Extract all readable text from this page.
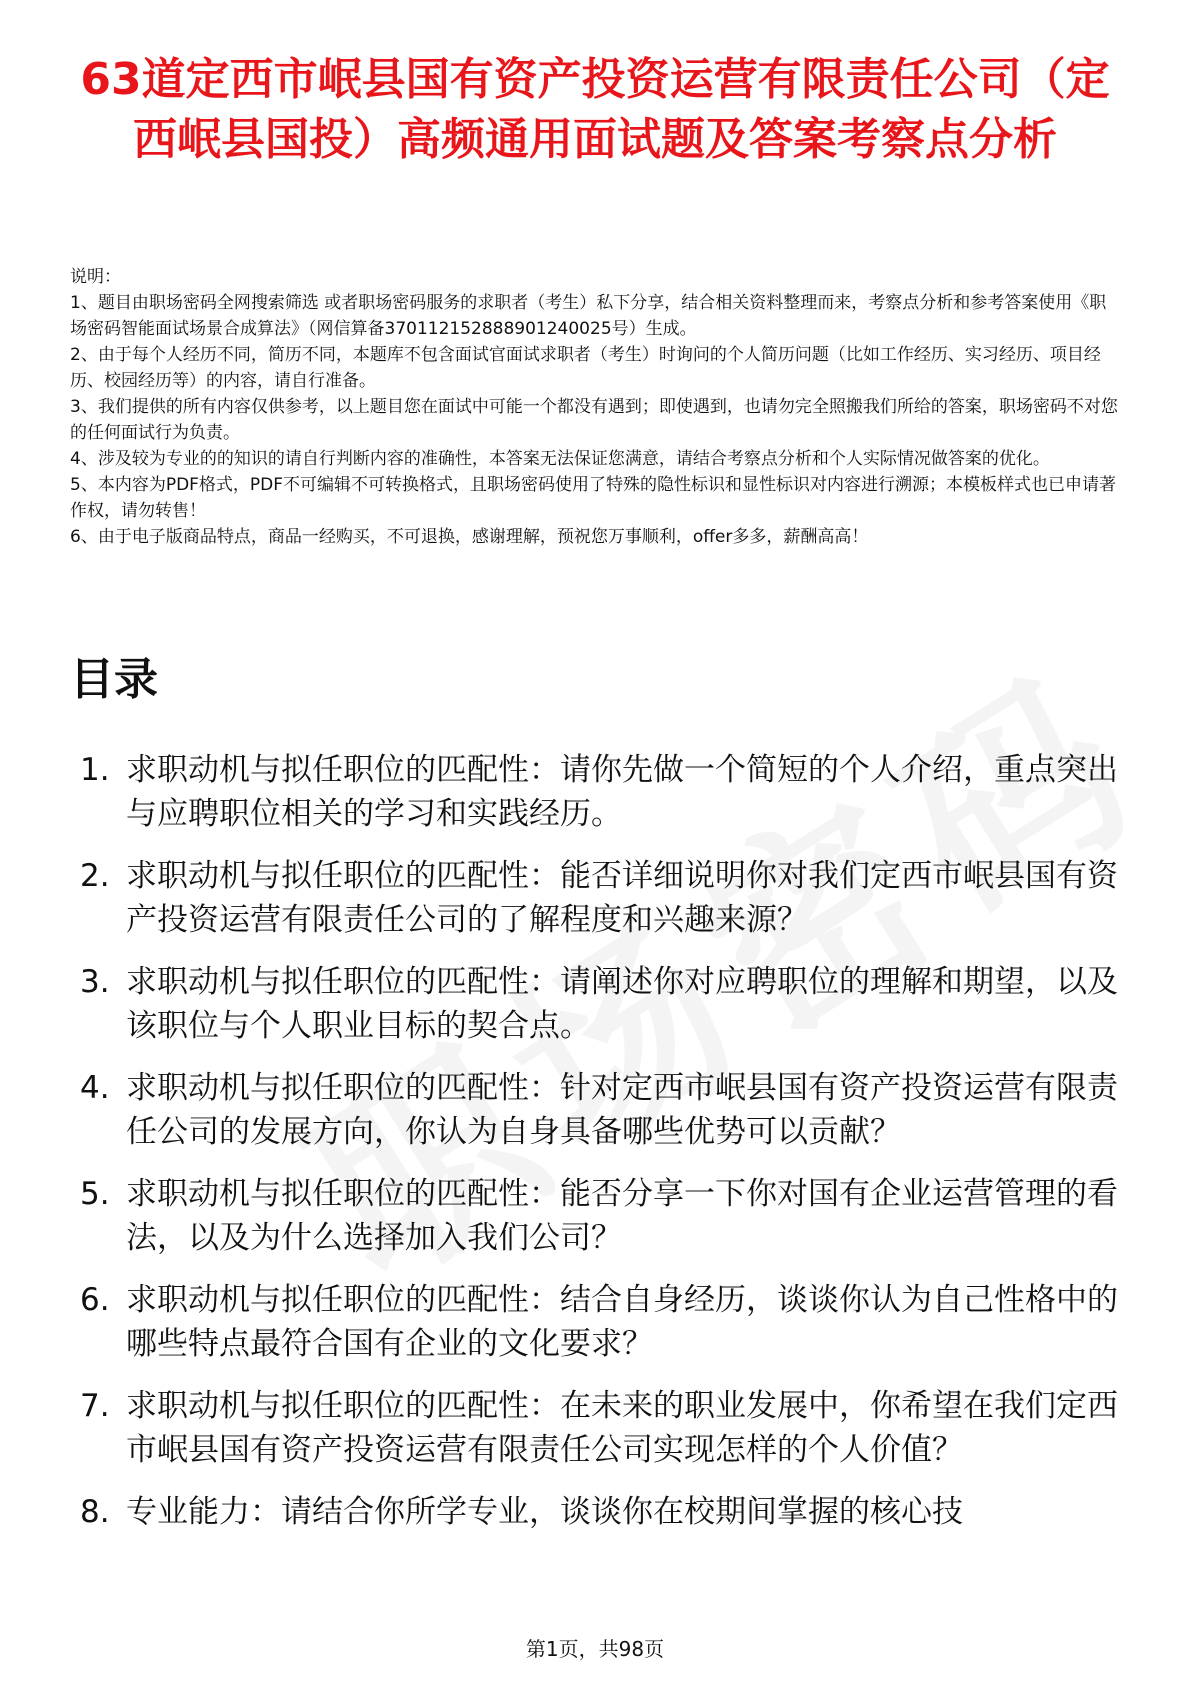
63道定西市岷县国有资产投资运营有限责任公司（定西岷县国投）高频通用面试题及答案考察点分析

说明：

1、题目由职场密码全网搜索筛选 或者职场密码服务的求职者（考生）私下分享，结合相关资料整理而来，考察点分析和参考答案使用《职场密码智能面试场景合成算法》（网信算备370112152888901240025号）生成。

2、由于每个人经历不同，简历不同，本题库不包含面试官面试求职者（考生）时询问的个人简历问题（比如工作经历、实习经历、项目经历、校园经历等）的内容，请自行准备。

3、我们提供的所有内容仅供参考，以上题目您在面试中可能一个都没有遇到；即使遇到，也请勿完全照搬我们所给的答案，职场密码不对您的任何面试行为负责。

4、涉及较为专业的的知识的请自行判断内容的准确性，本答案无法保证您满意，请结合考察点分析和个人实际情况做答案的优化。

5、本内容为PDF格式，PDF不可编辑不可转换格式，且职场密码使用了特殊的隐性标识和显性标识对内容进行溯源；本模板样式也已申请著作权，请勿转售！

6、由于电子版商品特点，商品一经购买，不可退换，感谢理解，预祝您万事顺利，offer多多，薪酬高高！

目录
1. 求职动机与拟任职位的匹配性：请你先做一个简短的个人介绍，重点突出与应聘职位相关的学习和实践经历。
2. 求职动机与拟任职位的匹配性：能否详细说明你对我们定西市岷县国有资产投资运营有限责任公司的了解程度和兴趣来源？
3. 求职动机与拟任职位的匹配性：请阐述你对应聘职位的理解和期望，以及该职位与个人职业目标的契合点。
4. 求职动机与拟任职位的匹配性：针对定西市岷县国有资产投资运营有限责任公司的发展方向，你认为自身具备哪些优势可以贡献？
5. 求职动机与拟任职位的匹配性：能否分享一下你对国有企业运营管理的看法，以及为什么选择加入我们公司？
6. 求职动机与拟任职位的匹配性：结合自身经历，谈谈你认为自己性格中的哪些特点最符合国有企业的文化要求？
7. 求职动机与拟任职位的匹配性：在未来的职业发展中，你希望在我们定西市岷县国有资产投资运营有限责任公司实现怎样的个人价值？
8. 专业能力：请结合你所学专业，谈谈你在校期间掌握的核心技
第1页，共98页
